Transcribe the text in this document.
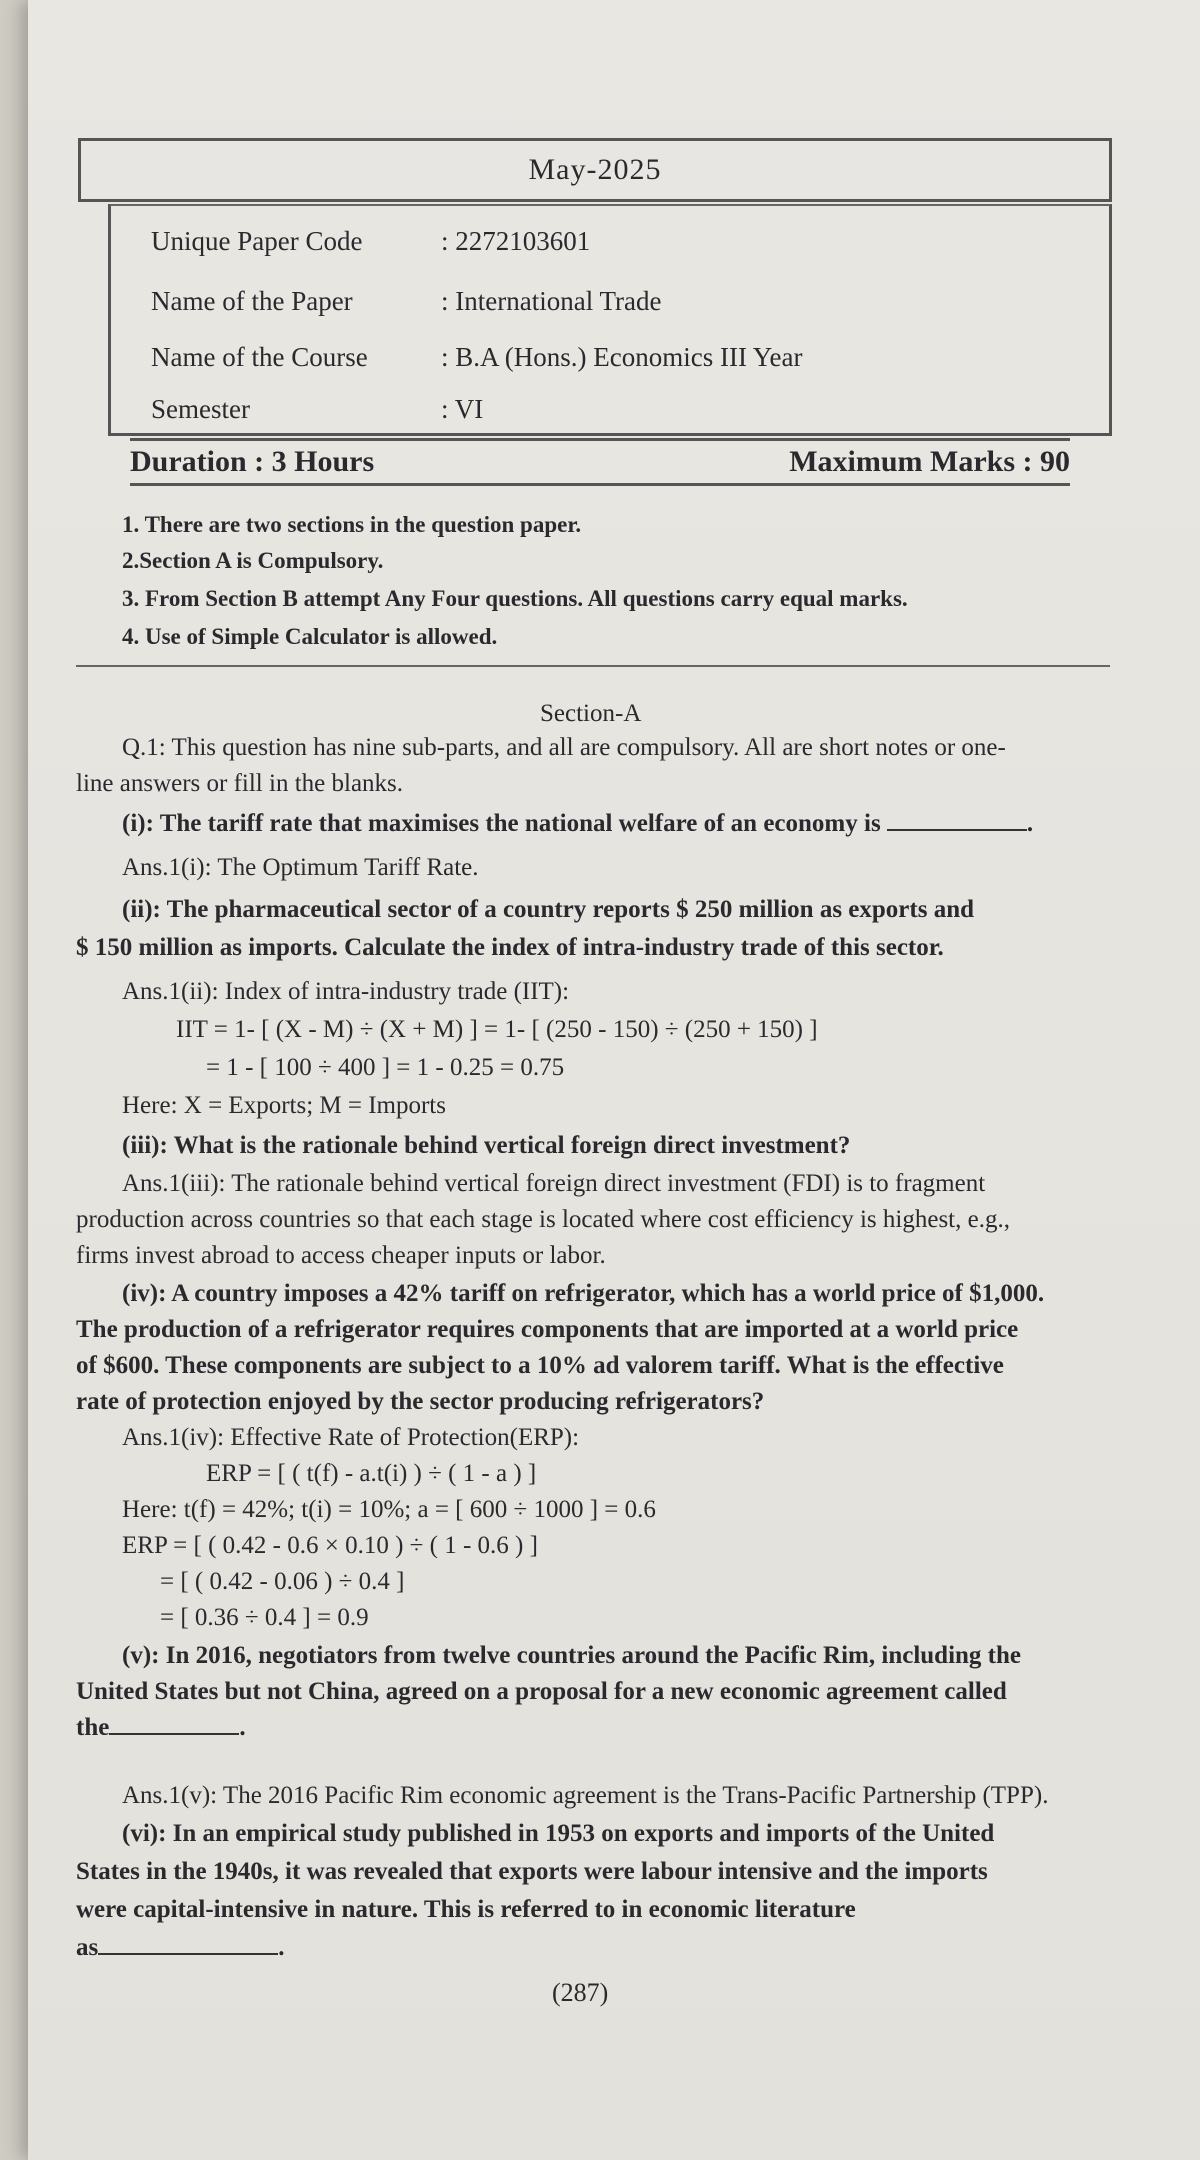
May-2025
Unique Paper Code	: 2272103601
Name of the Paper	: International Trade
Name of the Course	: B.A (Hons.) Economics III Year
Semester	: VI
Duration : 3 Hours	Maximum Marks : 90
1. There are two sections in the question paper.
2.Section A is Compulsory.
3. From Section B attempt Any Four questions. All questions carry equal marks.
4. Use of Simple Calculator is allowed.
Section-A
Q.1: This question has nine sub-parts, and all are compulsory. All are short notes or one-
line answers or fill in the blanks.
(i): The tariff rate that maximises the national welfare of an economy is	.
Ans.1(i): The Optimum Tariff Rate.
(ii): The pharmaceutical sector of a country reports $ 250 million as exports and
$ 150 million as imports. Calculate the index of intra-industry trade of this sector.
Ans.1(ii): Index of intra-industry trade (IIT):
IIT = 1- [ (X - M) ÷ (X + M) ] = 1- [ (250 - 150) ÷ (250 + 150) ]
= 1 - [ 100 ÷ 400 ] = 1 - 0.25 = 0.75
Here: X = Exports; M = Imports
(iii): What is the rationale behind vertical foreign direct investment?
Ans.1(iii): The rationale behind vertical foreign direct investment (FDI) is to fragment
production across countries so that each stage is located where cost efficiency is highest, e.g.,
firms invest abroad to access cheaper inputs or labor.
(iv): A country imposes a 42% tariff on refrigerator, which has a world price of $1,000.
The production of a refrigerator requires components that are imported at a world price
of $600. These components are subject to a 10% ad valorem tariff. What is the effective
rate of protection enjoyed by the sector producing refrigerators?
Ans.1(iv): Effective Rate of Protection(ERP):
ERP = [ ( t(f) - a.t(i) ) ÷ ( 1 - a ) ]
Here: t(f) = 42%; t(i) = 10%; a = [ 600 ÷ 1000 ] = 0.6
ERP = [ ( 0.42 - 0.6 × 0.10 ) ÷ ( 1 - 0.6 ) ]
= [ ( 0.42 - 0.06 ) ÷ 0.4 ]
= [ 0.36 ÷ 0.4 ] = 0.9
(v): In 2016, negotiators from twelve countries around the Pacific Rim, including the
United States but not China, agreed on a proposal for a new economic agreement called
the	.
Ans.1(v): The 2016 Pacific Rim economic agreement is the Trans-Pacific Partnership (TPP).
(vi): In an empirical study published in 1953 on exports and imports of the United
States in the 1940s, it was revealed that exports were labour intensive and the imports
were capital-intensive in nature. This is referred to in economic literature
as	.
(287)
